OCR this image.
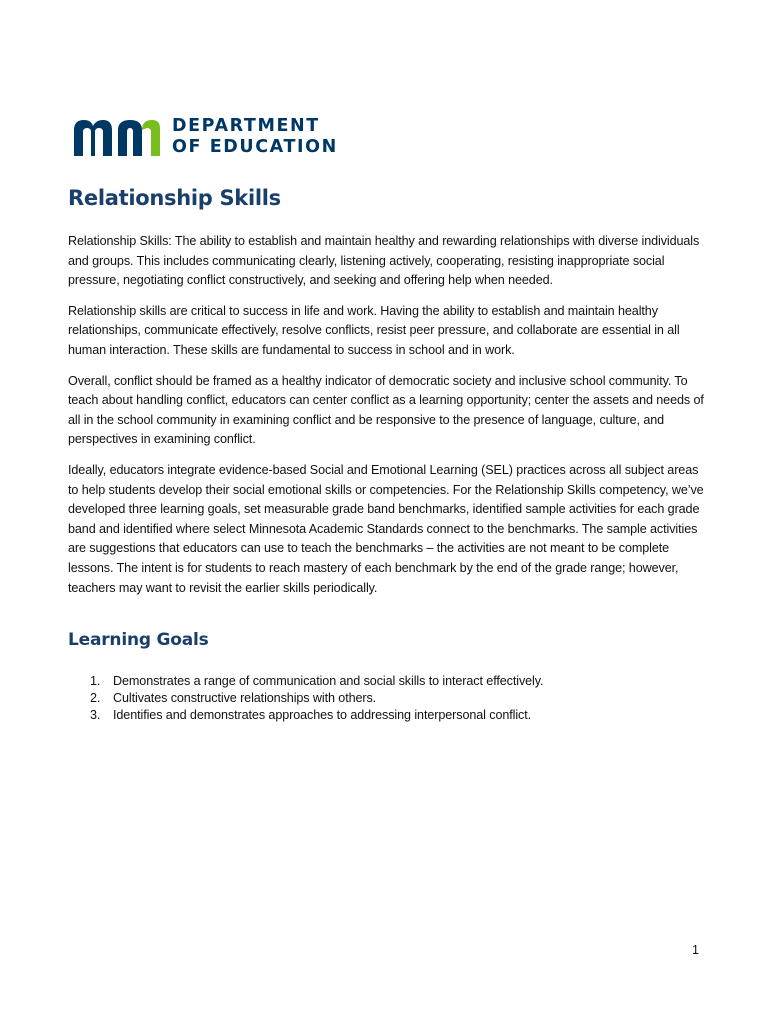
DEPARTMENT
OF EDUCATION
Relationship Skills

Relationship Skills: The ability to establish and maintain healthy and rewarding relationships with diverse individuals and groups. This includes communicating clearly, listening actively, cooperating, resisting inappropriate social pressure, negotiating conflict constructively, and seeking and offering help when needed.

Relationship skills are critical to success in life and work. Having the ability to establish and maintain healthy relationships, communicate effectively, resolve conflicts, resist peer pressure, and collaborate are essential in all human interaction. These skills are fundamental to success in school and in work.

Overall, conflict should be framed as a healthy indicator of democratic society and inclusive school community. To teach about handling conflict, educators can center conflict as a learning opportunity; center the assets and needs of all in the school community in examining conflict and be responsive to the presence of language, culture, and perspectives in examining conflict.

Ideally, educators integrate evidence-based Social and Emotional Learning (SEL) practices across all subject areas to help students develop their social emotional skills or competencies. For the Relationship Skills competency, we’ve developed three learning goals, set measurable grade band benchmarks, identified sample activities for each grade band and identified where select Minnesota Academic Standards connect to the benchmarks. The sample activities are suggestions that educators can use to teach the benchmarks – the activities are not meant to be complete lessons. The intent is for students to reach mastery of each benchmark by the end of the grade range; however, teachers may want to revisit the earlier skills periodically.

Learning Goals
1. Demonstrates a range of communication and social skills to interact effectively.
2. Cultivates constructive relationships with others.
3. Identifies and demonstrates approaches to addressing interpersonal conflict.
1
